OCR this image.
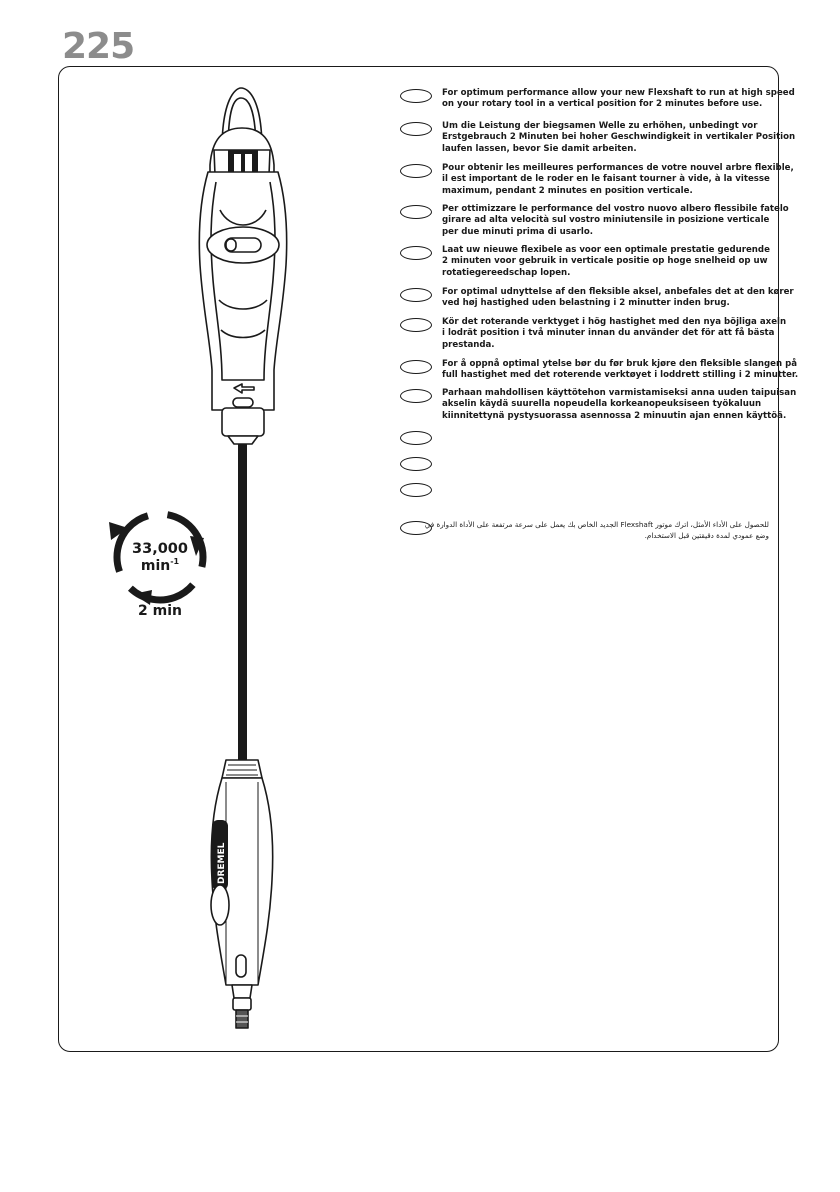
225
33,000
$\min^{-1}$
2 min
For optimum performance allow your new Flexshaft to run at high speed
on your rotary tool in a vertical position for 2 minutes before use.
Um die Leistung der biegsamen Welle zu erhöhen, unbedingt vor
Erstgebrauch 2 Minuten bei hoher Geschwindigkeit in vertikaler Position
laufen lassen, bevor Sie damit arbeiten.
Pour obtenir les meilleures performances de votre nouvel arbre flexible,
il est important de le roder en le faisant tourner à vide, à la vitesse
maximum, pendant 2 minutes en position verticale.
Per ottimizzare le performance del vostro nuovo albero flessibile fatelo
girare ad alta velocità sul vostro miniutensile in posizione verticale
per due minuti prima di usarlo.
Laat uw nieuwe flexibele as voor een optimale prestatie gedurende
2 minuten voor gebruik in verticale positie op hoge snelheid op uw
rotatiegereedschap lopen.
For optimal udnyttelse af den fleksible aksel, anbefales det at den kører
ved høj hastighed uden belastning i 2 minutter inden brug.
Kör det roterande verktyget i hög hastighet med den nya böjliga axeln
i lodrät position i två minuter innan du använder det för att få bästa
prestanda.
For å oppnå optimal ytelse bør du før bruk kjøre den fleksible slangen på
full hastighet med det roterende verktøyet i loddrett stilling i 2 minutter.
Parhaan mahdollisen käyttötehon varmistamiseksi anna uuden taipuisan
akselin käydä suurella nopeudella korkeanopeuksiseen työkaluun
kiinnitettynä pystysuorassa asennossa 2 minuutin ajan ennen käyttöä.
للحصول على الأداء الأمثل، اترك موتور Flexshaft الجديد الخاص بك يعمل على سرعة مرتفعة على الأداة الدوارة في
وضع عمودي لمدة دقيقتين قبل الاستخدام.
DREMEL
